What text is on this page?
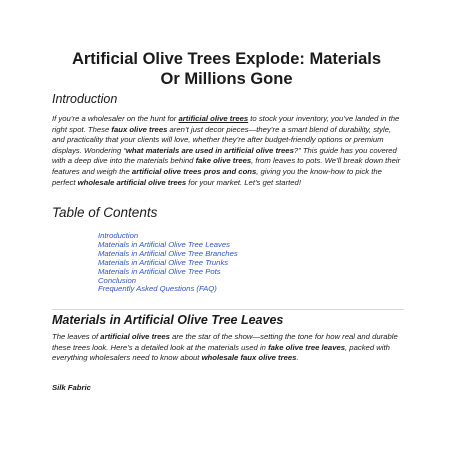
Artificial Olive Trees Explode: Materials
Or Millions Gone
Introduction

If you’re a wholesaler on the hunt for artificial olive trees to stock your inventory, you’ve landed in the right spot. These faux olive trees aren’t just decor pieces—they’re a smart blend of durability, style, and practicality that your clients will love, whether they’re after budget-friendly options or premium displays. Wondering “what materials are used in artificial olive trees?” This guide has you covered with a deep dive into the materials behind fake olive trees, from leaves to pots. We’ll break down their features and weigh the artificial olive trees pros and cons, giving you the know-how to pick the perfect wholesale artificial olive trees for your market. Let’s get started!

Table of Contents
Introduction
Materials in Artificial Olive Tree Leaves
Materials in Artificial Olive Tree Branches
Materials in Artificial Olive Tree Trunks
Materials in Artificial Olive Tree Pots
Conclusion
Frequently Asked Questions (FAQ)
Materials in Artificial Olive Tree Leaves

The leaves of artificial olive trees are the star of the show—setting the tone for how real and durable these trees look. Here’s a detailed look at the materials used in fake olive tree leaves, packed with everything wholesalers need to know about wholesale faux olive trees.

Silk Fabric
